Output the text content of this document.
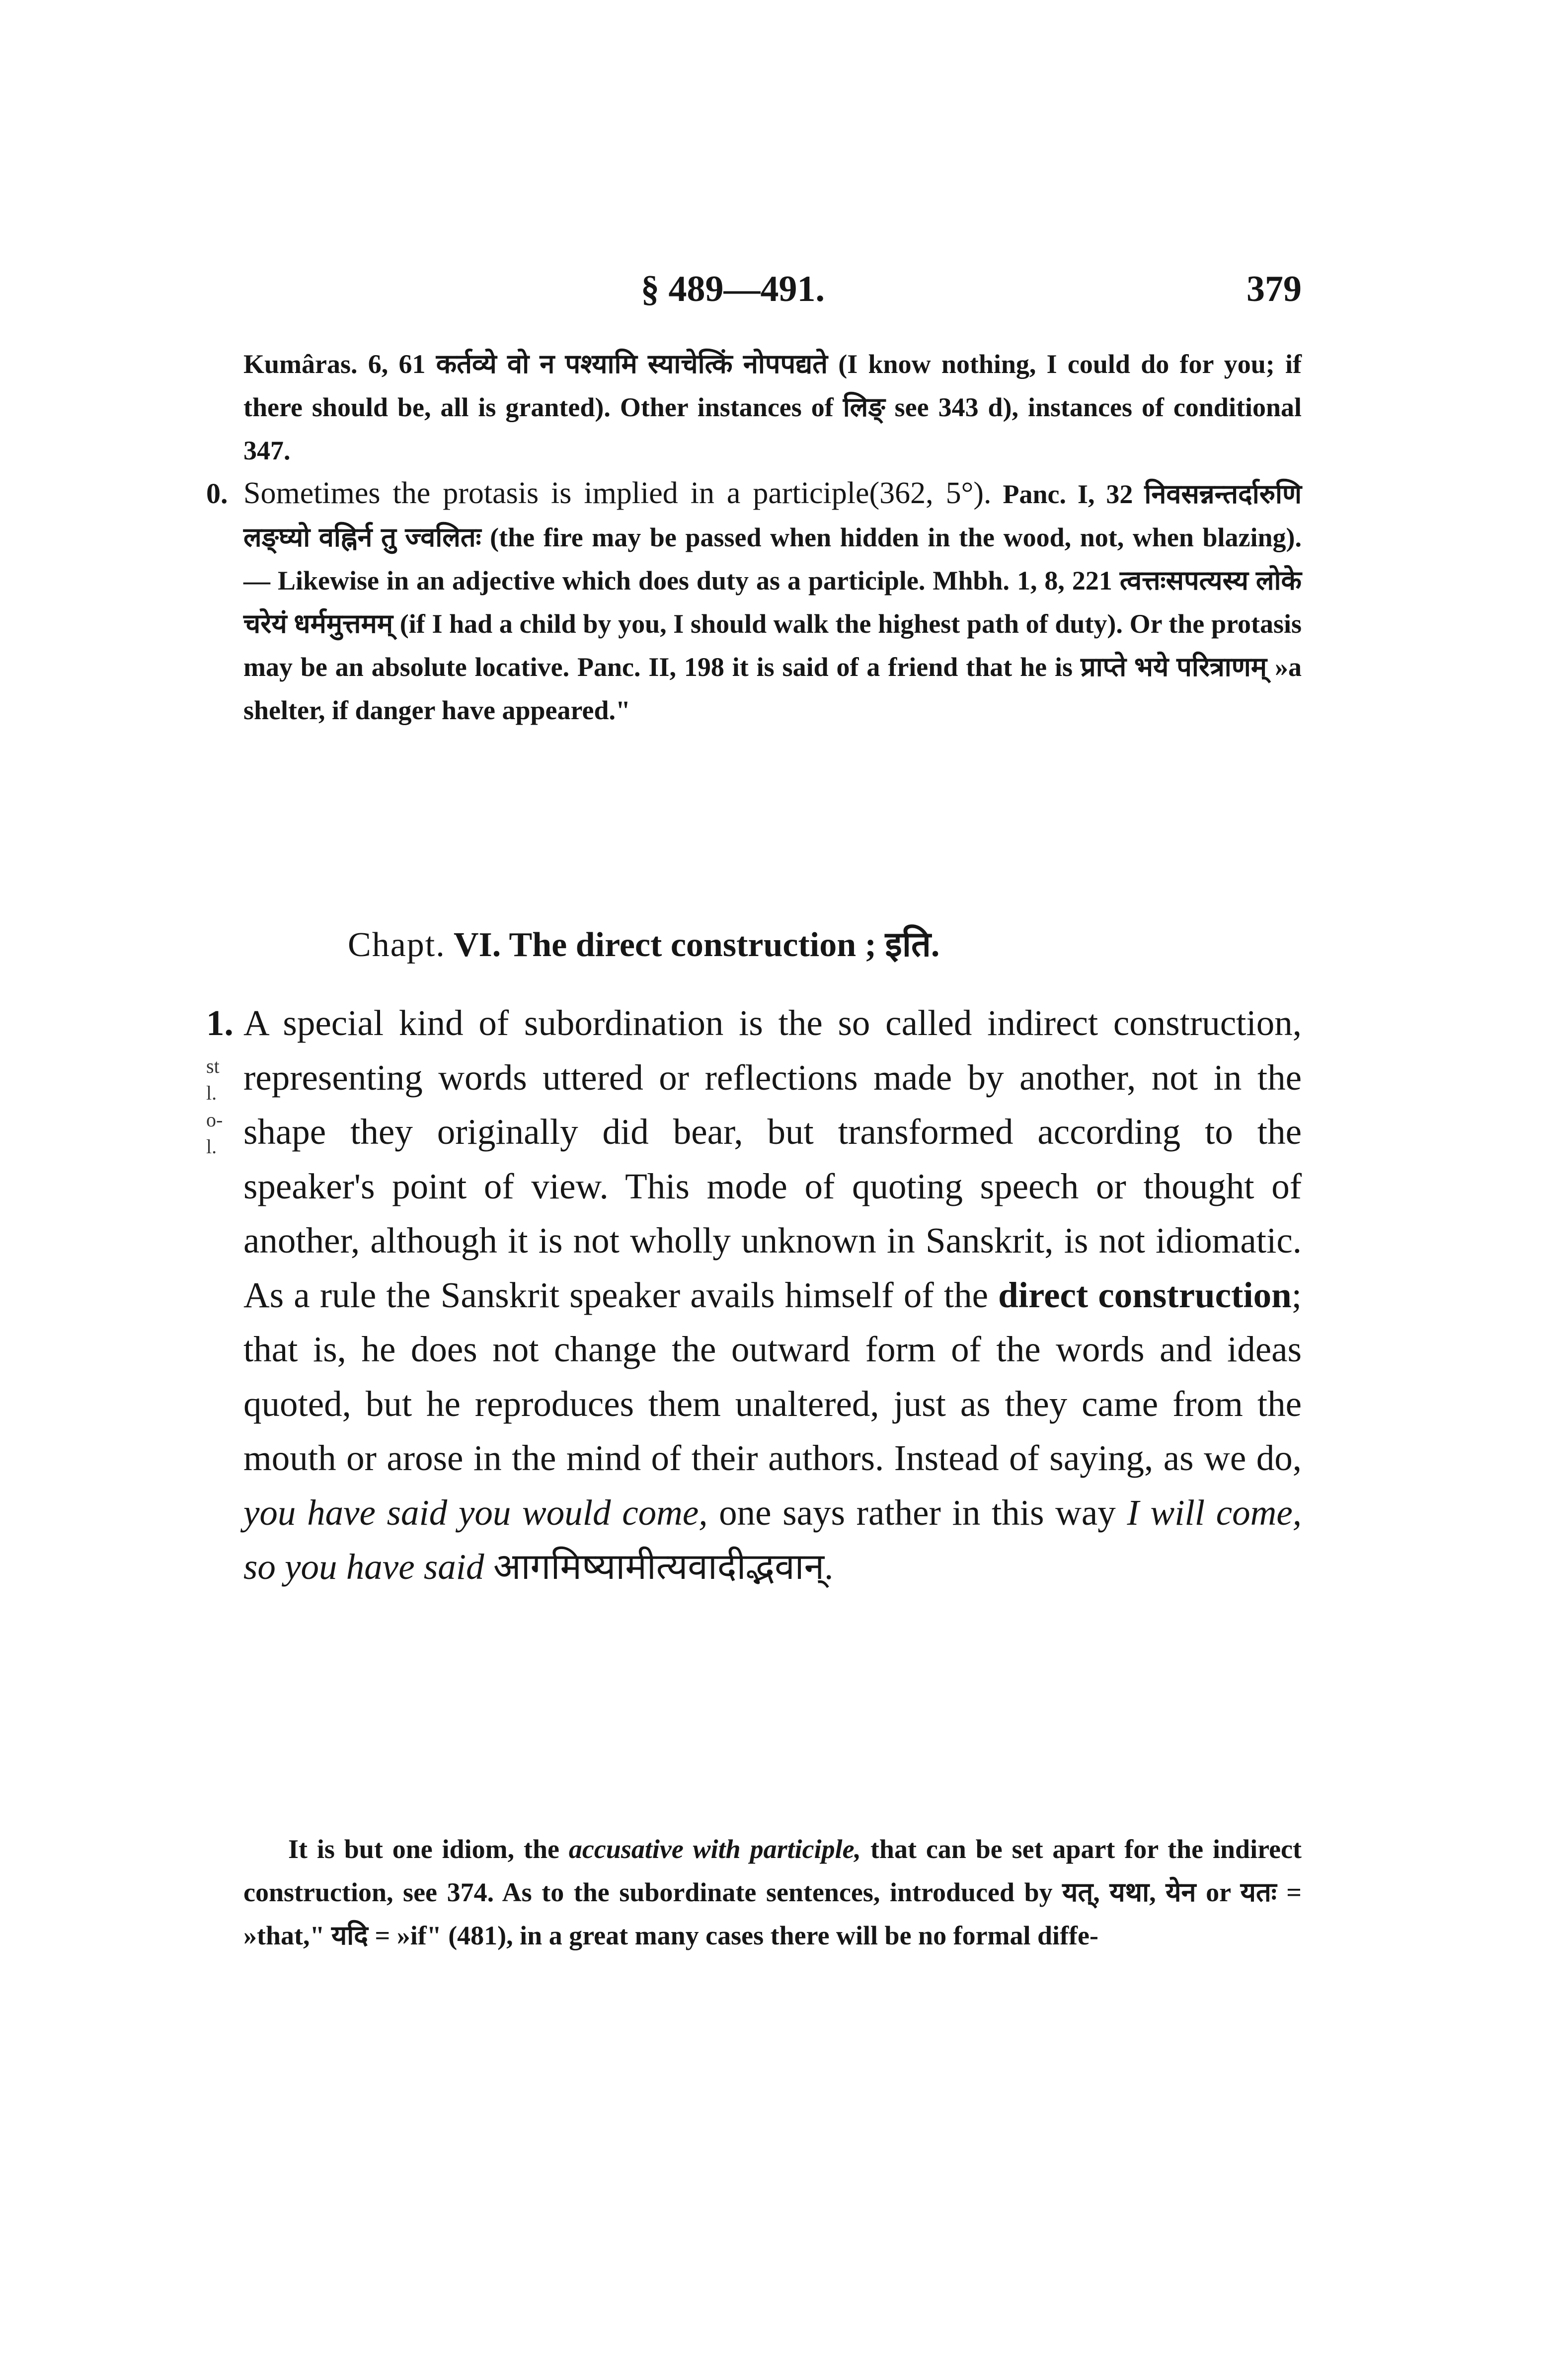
§ 489—491.	379

Kumâras. 6, 61 कर्तव्ये वो न पश्यामि स्याचेत्किं नोपपद्यते (I know nothing, I could do for you; if there should be, all is granted). Other instances of लिङ् see 343 d), instances of conditional 347.

0. Sometimes the protasis is implied in a participle(362, 5°). Panc. I, 32 निवसन्नन्तर्दारुणि लङ्घ्यो वह्निर्न तु ज्वलितः (the fire may be passed when hidden in the wood, not, when blazing). — Likewise in an adjective which does duty as a participle. Mhbh. 1, 8, 221 त्वत्तःसपत्यस्य लोके चरेयं धर्ममुत्तमम् (if I had a child by you, I should walk the highest path of duty). Or the protasis may be an absolute locative. Panc. II, 198 it is said of a friend that he is प्राप्ते भये परित्राणम् »a shelter, if danger have appeared."

Chapt. VI. The direct construction ; इति.
st
l.
o-
l.
1. A special kind of subordination is the so called indirect construction, representing words uttered or reflections made by another, not in the shape they originally did bear, but transformed according to the speaker's point of view. This mode of quoting speech or thought of another, although it is not wholly unknown in Sanskrit, is not idiomatic. As a rule the Sanskrit speaker avails himself of the direct construction; that is, he does not change the outward form of the words and ideas quoted, but he reproduces them unaltered, just as they came from the mouth or arose in the mind of their authors. Instead of saying, as we do, you have said you would come, one says rather in this way I will come, so you have said आगमिष्यामीत्यवादीद्भवान्.

It is but one idiom, the accusative with participle, that can be set apart for the indirect construction, see 374. As to the subordinate sentences, introduced by यत्, यथा, येन or यतः = »that," यदि = »if" (481), in a great many cases there will be no formal diffe-
